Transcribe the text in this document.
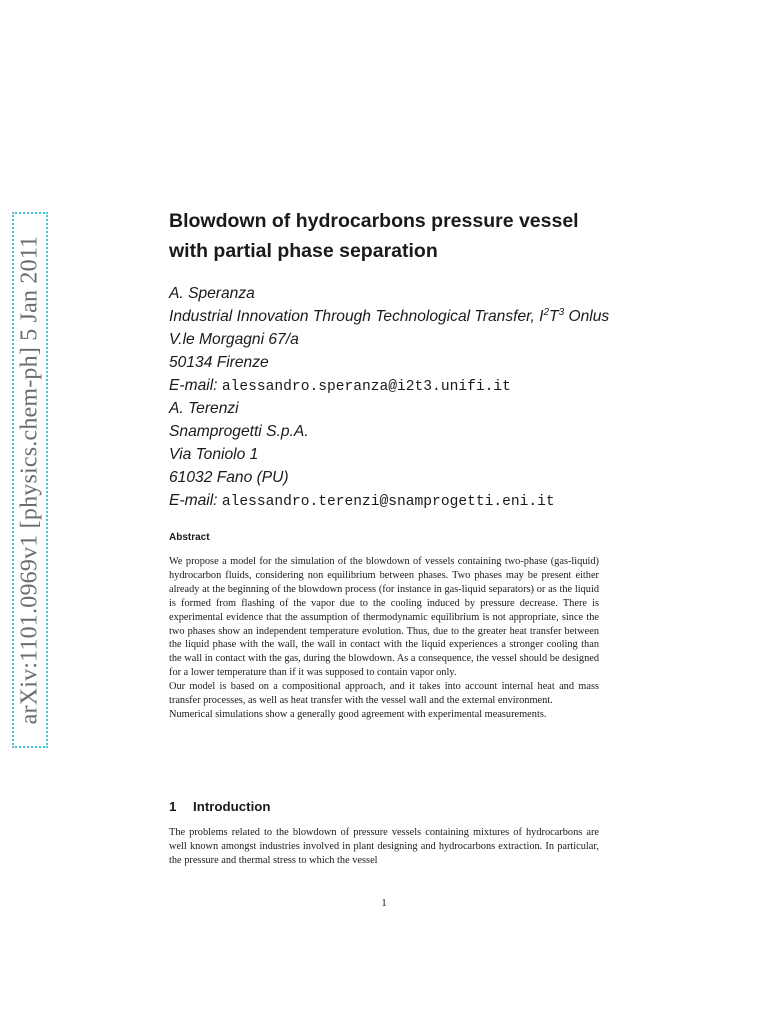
arXiv:1101.0969v1 [physics.chem-ph] 5 Jan 2011
Blowdown of hydrocarbons pressure vessel
with partial phase separation
A. Speranza
Industrial Innovation Through Technological Transfer, $I^2T^3$ Onlus
V.le Morgagni 67/a
50134 Firenze
E-mail: alessandro.speranza@i2t3.unifi.it
A. Terenzi
Snamprogetti S.p.A.
Via Toniolo 1
61032 Fano (PU)
E-mail: alessandro.terenzi@snamprogetti.eni.it
Abstract

We propose a model for the simulation of the blowdown of vessels containing two-phase (gas-liquid) hydrocarbon fluids, considering non equilibrium between phases. Two phases may be present either already at the beginning of the blowdown process (for instance in gas-liquid separators) or as the liquid is formed from flashing of the vapor due to the cooling induced by pressure decrease. There is experimental evidence that the assumption of thermodynamic equilibrium is not appropriate, since the two phases show an independent temperature evolution. Thus, due to the greater heat transfer between the liquid phase with the wall, the wall in contact with the liquid experiences a stronger cooling than the wall in contact with the gas, during the blowdown. As a consequence, the vessel should be designed for a lower temperature than if it was supposed to contain vapor only.

Our model is based on a compositional approach, and it takes into account internal heat and mass transfer processes, as well as heat transfer with the vessel wall and the external environment.

Numerical simulations show a generally good agreement with experimental measurements.

1 Introduction

The problems related to the blowdown of pressure vessels containing mixtures of hydrocarbons are well known amongst industries involved in plant designing and hydrocarbons extraction. In particular, the pressure and thermal stress to which the vessel

1
